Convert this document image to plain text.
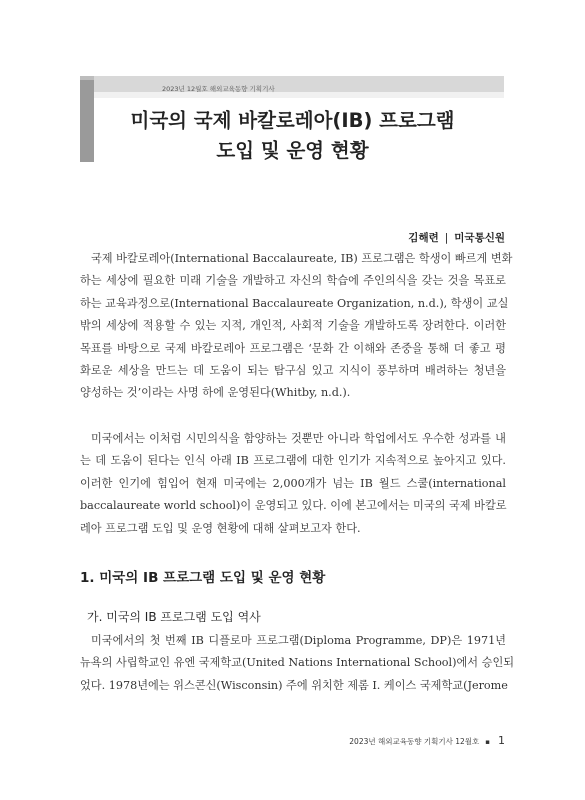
2023년 12월호 해외교육동향 기획기사
미국의 국제 바칼로레아(IB) 프로그램
도입 및 운영 현황
김해련 | 미국통신원
국제 바칼로레아(International Baccalaureate, IB) 프로그램은 학생이 빠르게 변화
하는 세상에 필요한 미래 기술을 개발하고 자신의 학습에 주인의식을 갖는 것을 목표로
하는 교육과정으로(International Baccalaureate Organization, n.d.), 학생이 교실
밖의 세상에 적용할 수 있는 지적, 개인적, 사회적 기술을 개발하도록 장려한다. 이러한
목표를 바탕으로 국제 바칼로레아 프로그램은 ‘문화 간 이해와 존중을 통해 더 좋고 평
화로운 세상을 만드는 데 도움이 되는 탐구심 있고 지식이 풍부하며 배려하는 청년을
양성하는 것’이라는 사명 하에 운영된다(Whitby, n.d.).
미국에서는 이처럼 시민의식을 함양하는 것뿐만 아니라 학업에서도 우수한 성과를 내
는 데 도움이 된다는 인식 아래 IB 프로그램에 대한 인기가 지속적으로 높아지고 있다.
이러한 인기에 힘입어 현재 미국에는 2,000개가 넘는 IB 월드 스쿨(international
baccalaureate world school)이 운영되고 있다. 이에 본고에서는 미국의 국제 바칼로
레아 프로그램 도입 및 운영 현황에 대해 살펴보고자 한다.
1. 미국의 IB 프로그램 도입 및 운영 현황
가. 미국의 IB 프로그램 도입 역사
미국에서의 첫 번째 IB 디플로마 프로그램(Diploma Programme, DP)은 1971년
뉴욕의 사립학교인 유엔 국제학교(United Nations International School)에서 승인되
었다. 1978년에는 위스콘신(Wisconsin) 주에 위치한 제롬 I. 케이스 국제학교(Jerome
2023년 해외교육동향 기획기사 12월호 ▪ 1
